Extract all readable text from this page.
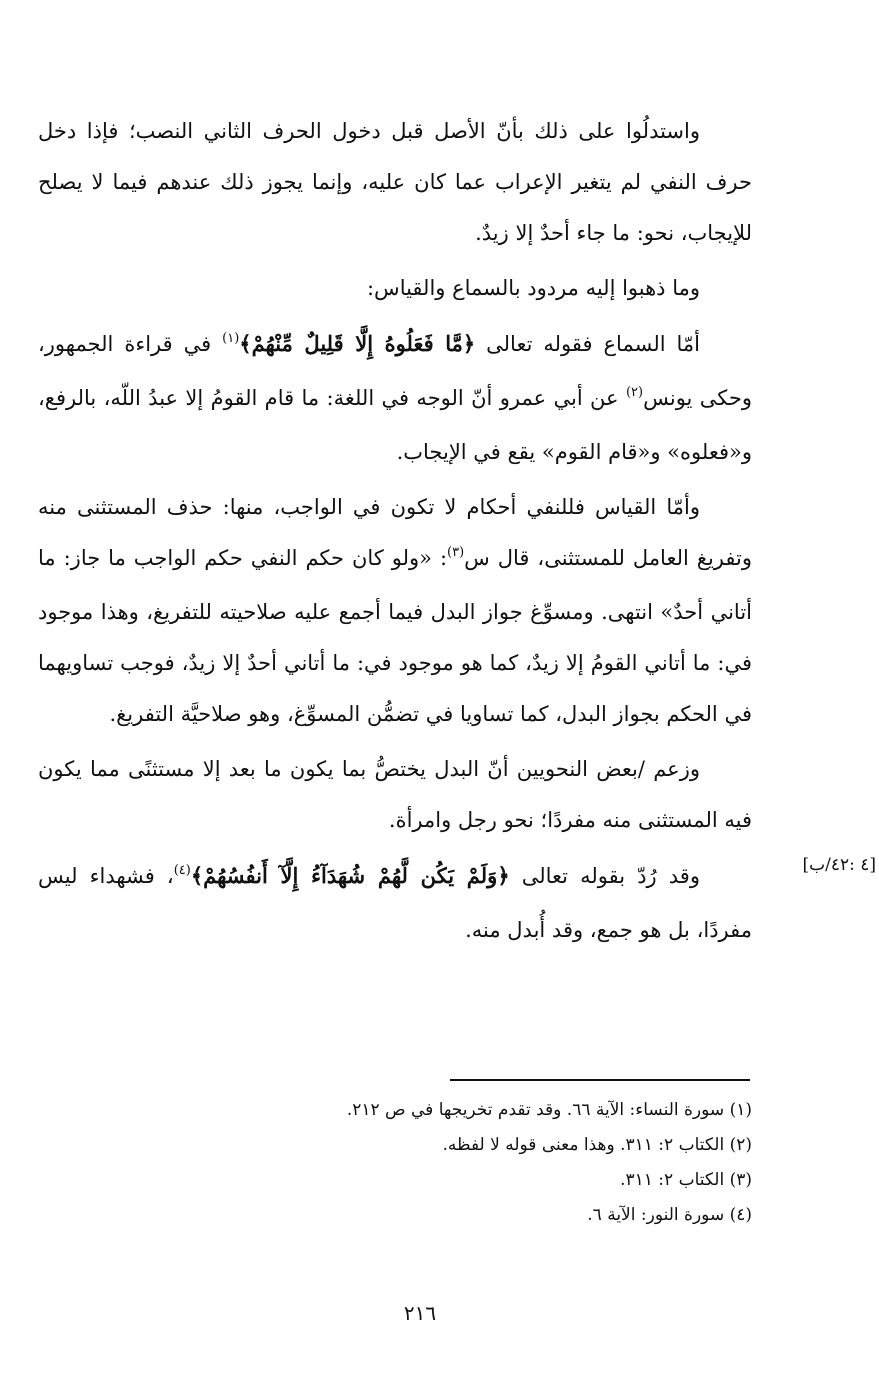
واستدلُوا على ذلك بأنّ الأصل قبل دخول الحرف الثاني النصب؛ فإذا دخل حرف النفي لم يتغير الإعراب عما كان عليه، وإنما يجوز ذلك عندهم فيما لا يصلح للإيجاب، نحو: ما جاء أحدٌ إلا زيدٌ.

وما ذهبوا إليه مردود بالسماع والقياس:

أمّا السماع فقوله تعالى ﴿مَّا فَعَلُوهُ إِلَّا قَلِيلٌ مِّنْهُمْ﴾$^{(١)}$ في قراءة الجمهور، وحكى يونس$^{(٢)}$ عن أبي عمرو أنّ الوجه في اللغة: ما قام القومُ إلا عبدُ اللّه، بالرفع، و«فعلوه» و«قام القوم» يقع في الإيجاب.

وأمّا القياس فللنفي أحكام لا تكون في الواجب، منها: حذف المستثنى منه وتفريغ العامل للمستثنى، قال س$^{(٣)}$: «ولو كان حكم النفي حكم الواجب ما جاز: ما أتاني أحدٌ» انتهى. ومسوِّغ جواز البدل فيما أجمع عليه صلاحيته للتفريغ، وهذا موجود في: ما أتاني القومُ إلا زيدٌ، كما هو موجود في: ما أتاني أحدٌ إلا زيدٌ، فوجب تساويهما في الحكم بجواز البدل، كما تساويا في تضمُّن المسوِّغ، وهو صلاحيَّة التفريغ.

وزعم /بعض النحويين أنّ البدل يختصُّ بما يكون ما بعد إلا مستثنًى مما يكون فيه المستثنى منه مفردًا؛ نحو رجل وامرأة.

وقد رُدّ بقوله تعالى ﴿وَلَمْ يَكُن لَّهُمْ شُهَدَآءُ إِلَّآ أَنفُسُهُمْ﴾$^{(٤)}$، فشهداء ليس مفردًا، بل هو جمع، وقد أُبدل منه.

[٤ :٤٢/ب]
(١) سورة النساء: الآية ٦٦. وقد تقدم تخريجها في ص ٢١٢.
(٢) الكتاب ٢: ٣١١. وهذا معنى قوله لا لفظه.
(٣) الكتاب ٢: ٣١١.
(٤) سورة النور: الآية ٦.
٢١٦
